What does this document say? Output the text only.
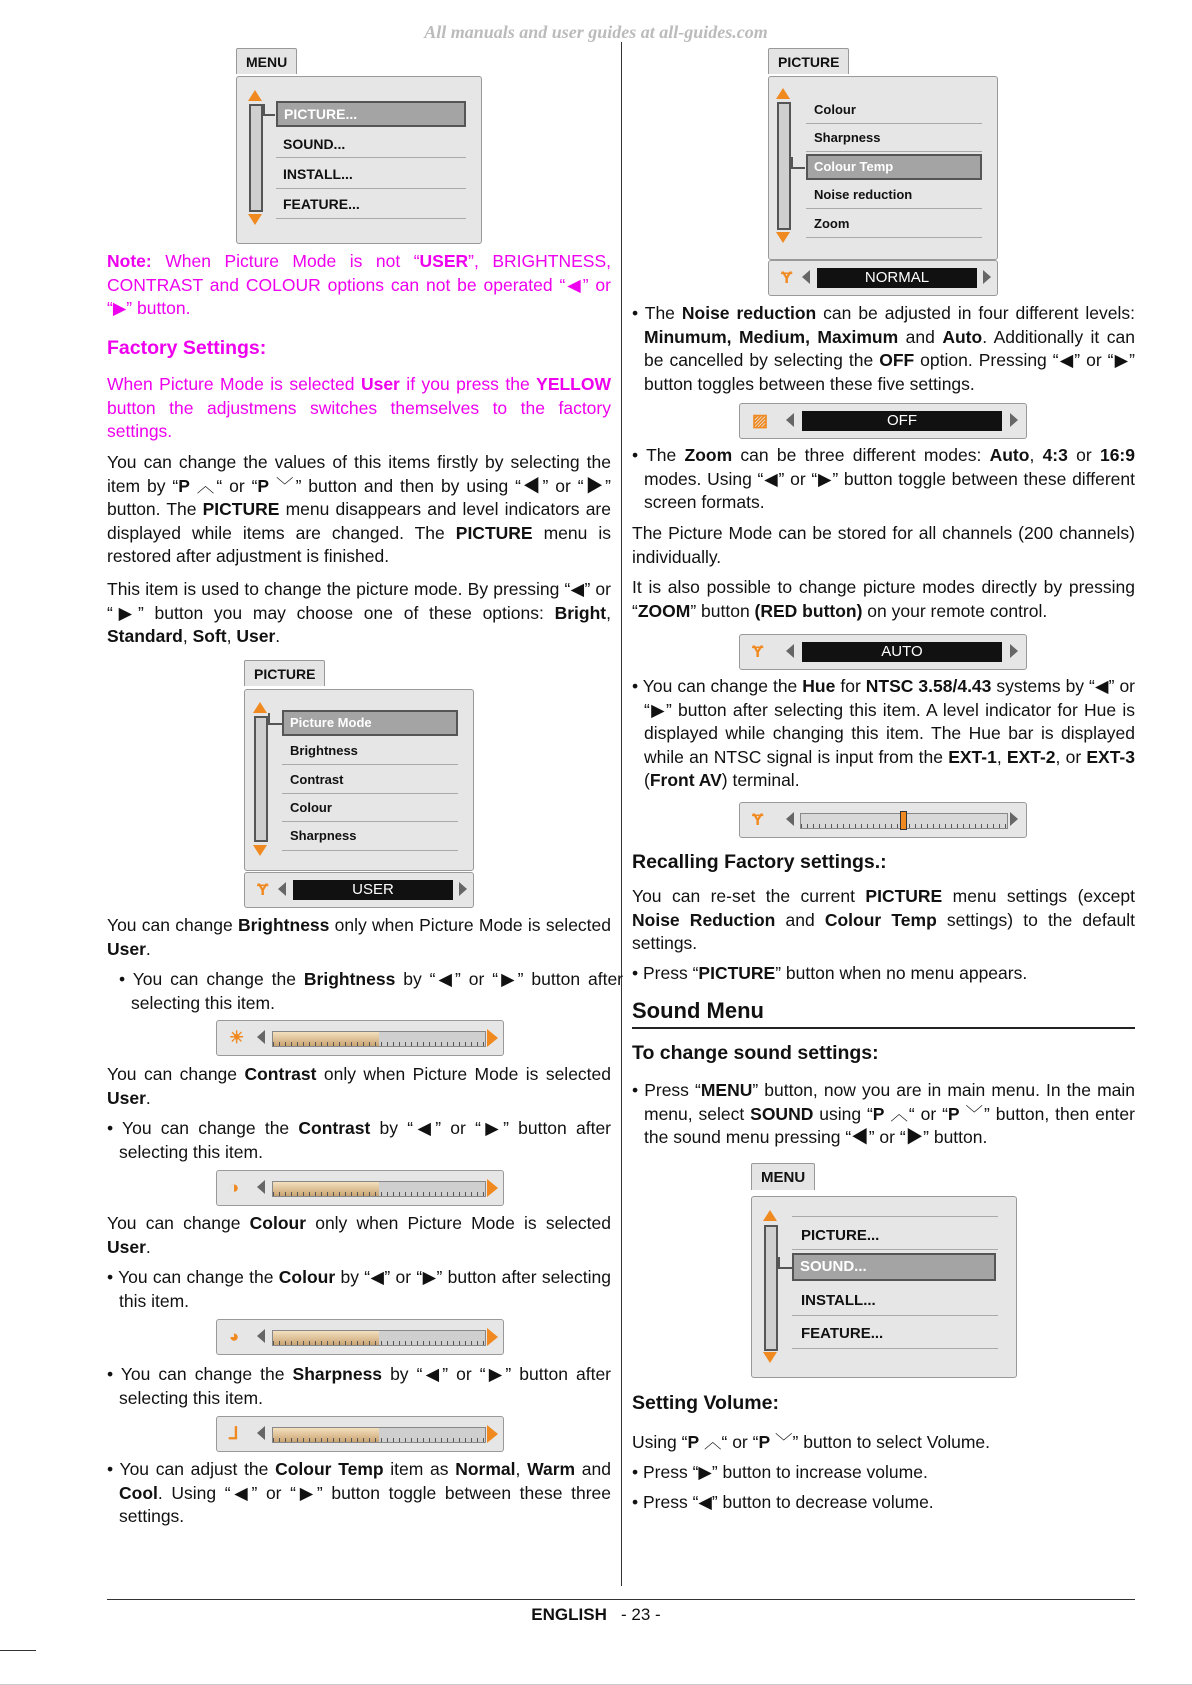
All manuals and user guides at all-guides.com
MENU
PICTURE...
SOUND...
INSTALL...
FEATURE...

Note: When Picture Mode is not “USER”, BRIGHTNESS, CONTRAST and COLOUR options can not be operated “◀” or “▶” button.

Factory Settings:

When Picture Mode is selected User if you press the YELLOW button the adjustmens switches themselves to the factory settings.

You can change the values of this items firstly by selecting the item by “P ︿“ or “P ﹀” button and then by using “◀” or “▶” button. The PICTURE menu disappears and level indicators are displayed while items are changed. The PICTURE menu is restored after adjustment is finished.

This item is used to change the picture mode. By pressing “◀” or “▶” button you may choose one of these options: Bright, Standard, Soft, User.

PICTURE
Picture Mode
Brightness
Contrast
Colour
Sharpness
Ɏ	USER

You can change Brightness only when Picture Mode is selected User.

• You can change the Brightness by “◀” or “▶” button after selecting this item.

☀

You can change Contrast only when Picture Mode is selected User.

• You can change the Contrast by “◀” or “▶” button after selecting this item.

◑

You can change Colour only when Picture Mode is selected User.

• You can change the Colour by “◀” or “▶” button after selecting this item.

◕

• You can change the Sharpness by “◀” or “▶” button after selecting this item.

⅃

• You can adjust the Colour Temp item as Normal, Warm and Cool. Using “◀” or “▶” button toggle between these three settings.

PICTURE
Colour
Sharpness
Colour Temp
Noise reduction
Zoom
Ɏ	NORMAL

• The Noise reduction can be adjusted in four different levels: Minumum, Medium, Maximum and Auto. Additionally it can be cancelled by selecting the OFF option. Pressing “◀” or “▶” button toggles between these five settings.

▨	OFF

• The Zoom can be three different modes: Auto, 4:3 or 16:9 modes. Using “◀” or “▶” button toggle between these different screen formats.

The Picture Mode can be stored for all channels (200 channels) individually.

It is also possible to change picture modes directly by pressing “ZOOM” button (RED button) on your remote control.

Ɏ	AUTO

• You can change the Hue for NTSC 3.58/4.43 systems by “◀” or “▶” button after selecting this item. A level indicator for Hue is displayed while changing this item. The Hue bar is displayed while an NTSC signal is input from the EXT-1, EXT-2, or EXT-3 (Front AV) terminal.

Ɏ
Recalling Factory settings.:

You can re-set the current PICTURE menu settings (except Noise Reduction and Colour Temp settings) to the default settings.

• Press “PICTURE” button when no menu appears.

Sound Menu
To change sound settings:

• Press “MENU” button, now you are in main menu. In the main menu, select SOUND using “P ︿“ or “P ﹀” button, then enter the sound menu pressing “◀” or “▶” button.

MENU
PICTURE...
SOUND...
INSTALL...
FEATURE...
Setting Volume:

Using “P ︿“ or “P ﹀” button to select Volume.

• Press “▶” button to increase volume.

• Press “◀” button to decrease volume.

ENGLISH - 23 -
